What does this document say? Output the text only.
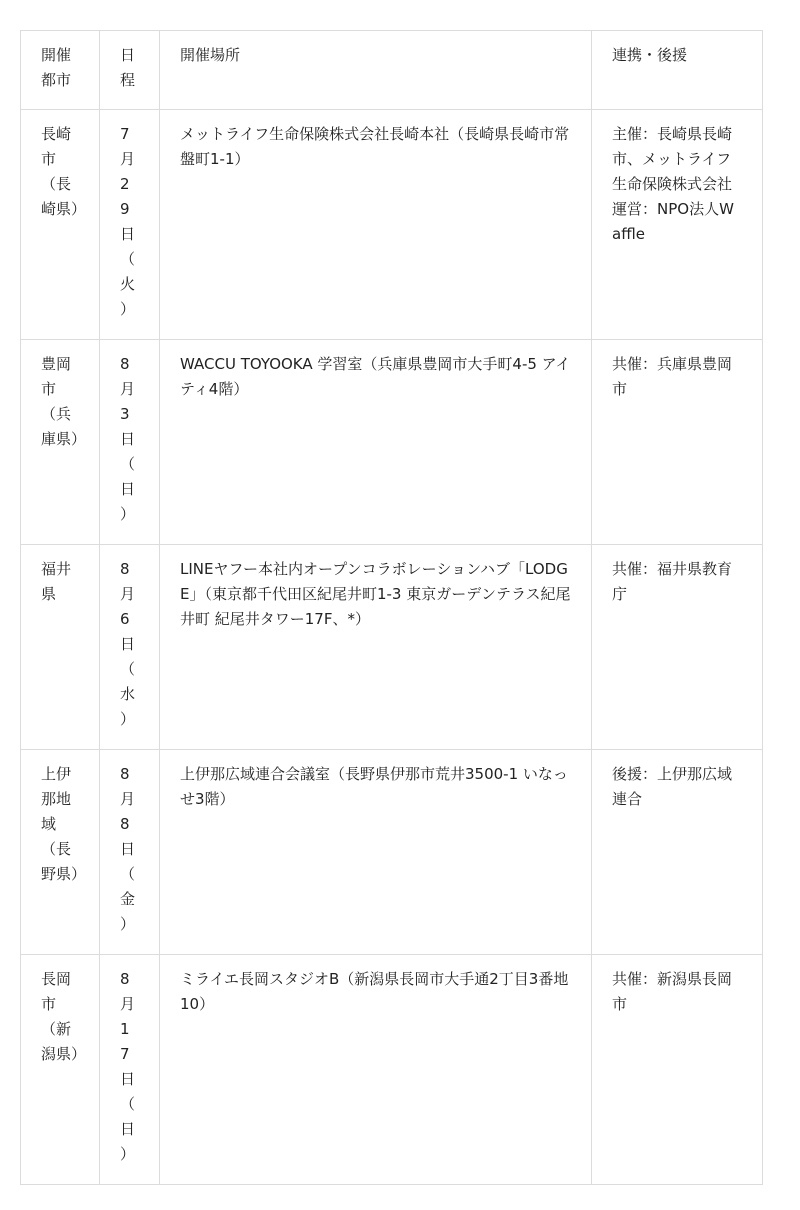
開催都市	日程	開催場所	連携・後援
長崎市（長崎県）	7月29日（火）	メットライフ生命保険株式会社長崎本社（長崎県長崎市常盤町1-1）	主催：長崎県長崎市、メットライフ生命保険株式会社 運営：NPO法人Waffle
豊岡市（兵庫県）	8月3日（日）	WACCU TOYOOKA 学習室（兵庫県豊岡市大手町4-5 アイティ4階）	共催：兵庫県豊岡市
福井県	8月6日（水）	LINEヤフー本社内オープンコラボレーションハブ「LODGE」（東京都千代田区紀尾井町1-3 東京ガーデンテラス紀尾井町 紀尾井タワー17F、*）	共催：福井県教育庁
上伊那地域（長野県）	8月8日（金）	上伊那広域連合会議室（長野県伊那市荒井3500-1 いなっせ3階）	後援：上伊那広域連合
長岡市（新潟県）	8月17日（日）	ミライエ長岡スタジオB（新潟県長岡市大手通2丁目3番地10）	共催：新潟県長岡市
